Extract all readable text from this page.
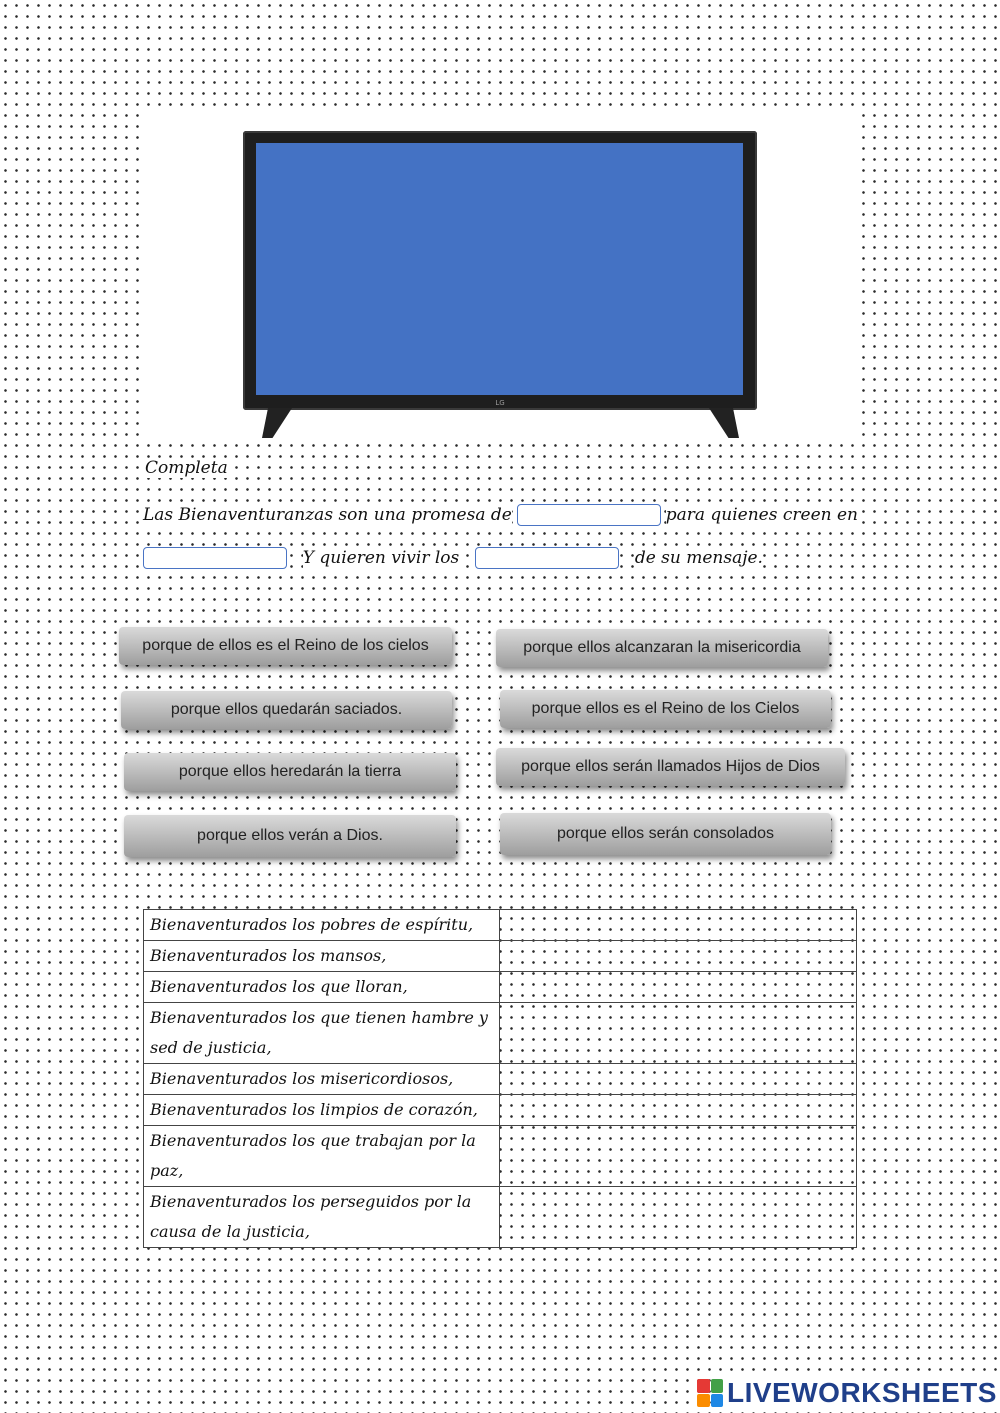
LG
Completa
Las Bienaventuranzas son una promesa de	para quienes creen en
Y quieren vivir los	de su mensaje.
porque de ellos es el Reino de los cielos	porque ellos alcanzaran la misericordia
porque ellos quedarán saciados.	porque ellos es el Reino de los Cielos
porque ellos heredarán la tierra	porque ellos serán llamados Hijos de Dios
porque ellos verán a Dios.	porque ellos serán consolados
Bienaventurados los pobres de espíritu,	
Bienaventurados los mansos,	
Bienaventurados los que lloran,	
Bienaventurados los que tienen hambre y sed de justicia,	
Bienaventurados los misericordiosos,	
Bienaventurados los limpios de corazón,	
Bienaventurados los que trabajan por la paz,	
Bienaventurados los perseguidos por la causa de la justicia,	
LIVEWORKSHEETS
